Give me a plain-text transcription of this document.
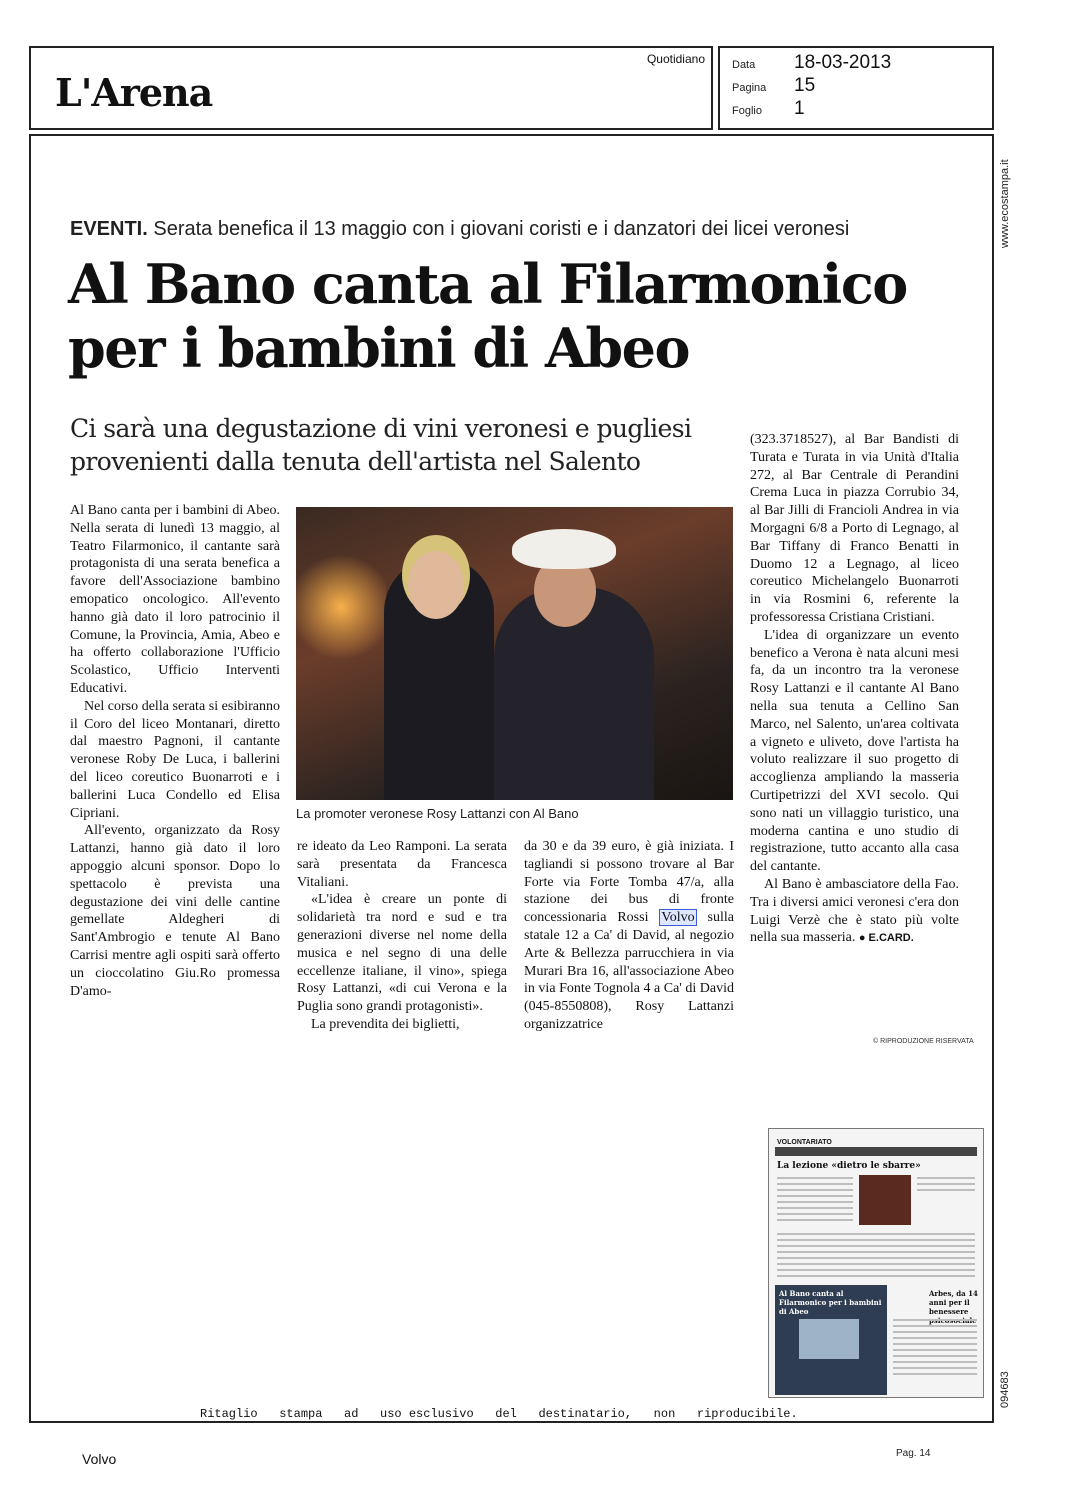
L'Arena
Quotidiano Data 18-03-2013
Pagina 15
Foglio 1
www.ecostampa.it
094683
EVENTI. Serata benefica il 13 maggio con i giovani coristi e i danzatori dei licei veronesi
Al Bano canta al Filarmonico
per i bambini di Abeo
Ci sarà una degustazione di vini veronesi e pugliesi
provenienti dalla tenuta dell'artista nel Salento

Al Bano canta per i bambini di Abeo. Nella serata di lunedì 13 maggio, al Teatro Filarmonico, il cantante sarà protagonista di una serata benefica a favore dell'Associazione bambino emopatico oncologico. All'evento hanno già dato il loro patrocinio il Comune, la Provincia, Amia, Abeo e ha offerto collaborazione l'Ufficio Scolastico, Ufficio Interventi Educativi.

Nel corso della serata si esibiranno il Coro del liceo Montanari, diretto dal maestro Pagnoni, il cantante veronese Roby De Luca, i ballerini del liceo coreutico Buonarroti e i ballerini Luca Condello ed Elisa Cipriani.

All'evento, organizzato da Rosy Lattanzi, hanno già dato il loro appoggio alcuni sponsor. Dopo lo spettacolo è prevista una degustazione dei vini delle cantine gemellate Aldegheri di Sant'Ambrogio e tenute Al Bano Carrisi mentre agli ospiti sarà offerto un cioccolatino Giu.Ro promessa D'amo-

La promoter veronese Rosy Lattanzi con Al Bano

re ideato da Leo Ramponi. La serata sarà presentata da Francesca Vitaliani.

«L'idea è creare un ponte di solidarietà tra nord e sud e tra generazioni diverse nel nome della musica e nel segno di una delle eccellenze italiane, il vino», spiega Rosy Lattanzi, «di cui Verona e la Puglia sono grandi protagonisti».

La prevendita dei biglietti,

da 30 e da 39 euro, è già iniziata. I tagliandi si possono trovare al Bar Forte via Forte Tomba 47/a, alla stazione dei bus di fronte concessionaria Rossi Volvo sulla statale 12 a Ca' di David, al negozio Arte & Bellezza parrucchiera in via Murari Bra 16, all'associazione Abeo in via Fonte Tognola 4 a Ca' di David (045-8550808), Rosy Lattanzi organizzatrice

(323.3718527), al Bar Bandisti di Turata e Turata in via Unità d'Italia 272, al Bar Centrale di Perandini Crema Luca in piazza Corrubio 34, al Bar Jilli di Francioli Andrea in via Morgagni 6/8 a Porto di Legnago, al Bar Tiffany di Franco Benatti in Duomo 12 a Legnago, al liceo coreutico Michelangelo Buonarroti in via Rosmini 6, referente la professoressa Cristiana Cristiani.

L'idea di organizzare un evento benefico a Verona è nata alcuni mesi fa, da un incontro tra la veronese Rosy Lattanzi e il cantante Al Bano nella sua tenuta a Cellino San Marco, nel Salento, un'area coltivata a vigneto e uliveto, dove l'artista ha voluto realizzare il suo progetto di accoglienza ampliando la masseria Curtipetrizzi del XVI secolo. Qui sono nati un villaggio turistico, una moderna cantina e uno studio di registrazione, tutto accanto alla casa del cantante.

Al Bano è ambasciatore della Fao. Tra i diversi amici veronesi c'era don Luigi Verzè che è stato più volte nella sua masseria. ● E.CARD.

© RIPRODUZIONE RISERVATA
VOLONTARIATO
La lezione «dietro le sbarre»
Al Bano canta al Filarmonico per i bambini di Abeo
Arbes, da 14 anni per il benessere
Ritaglio   stampa   ad   uso esclusivo   del   destinatario,   non   riproducibile.
Volvo	Pag. 14
